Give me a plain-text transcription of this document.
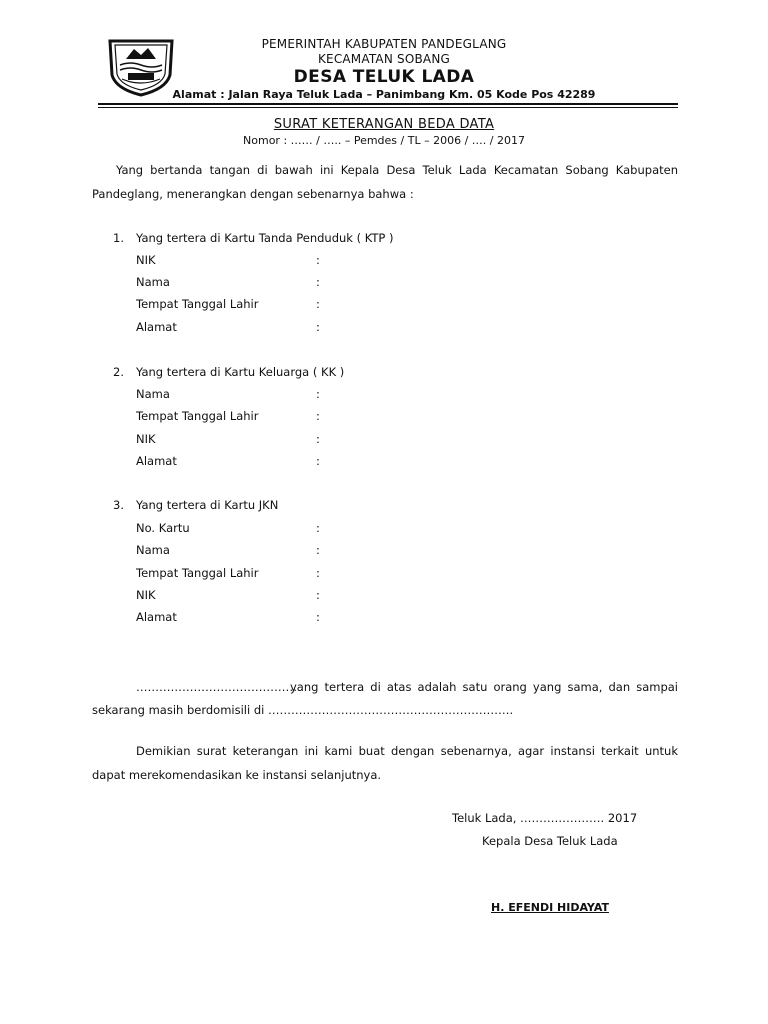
PEMERINTAH KABUPATEN PANDEGLANG
KECAMATAN SOBANG
DESA TELUK LADA
Alamat : Jalan Raya Teluk Lada – Panimbang Km. 05 Kode Pos 42289
SURAT KETERANGAN BEDA DATA
Nomor : …… / ….. – Pemdes / TL – 2006 / …. / 2017
Yang bertanda tangan di bawah ini Kepala Desa Teluk Lada Kecamatan Sobang Kabupaten Pandeglang, menerangkan dengan sebenarnya bahwa :
1. Yang tertera di Kartu Tanda Penduduk ( KTP )
NIK	:
Nama	:
Tempat Tanggal Lahir	:
Alamat	:
2. Yang tertera di Kartu Keluarga ( KK )
Nama	:
Tempat Tanggal Lahir	:
NIK	:
Alamat	:
3. Yang tertera di Kartu JKN
No. Kartu	:
Nama	:
Tempat Tanggal Lahir	:
NIK	:
Alamat	:
……………………………………
yang tertera di atas adalah satu orang yang sama, dan sampai
sekarang masih berdomisili di ……………………………………………………….
Demikian surat keterangan ini kami buat dengan sebenarnya, agar instansi terkait untuk dapat merekomendasikan ke instansi selanjutnya.
Teluk Lada, …………………. 2017
Kepala Desa Teluk Lada
H. EFENDI HIDAYAT
